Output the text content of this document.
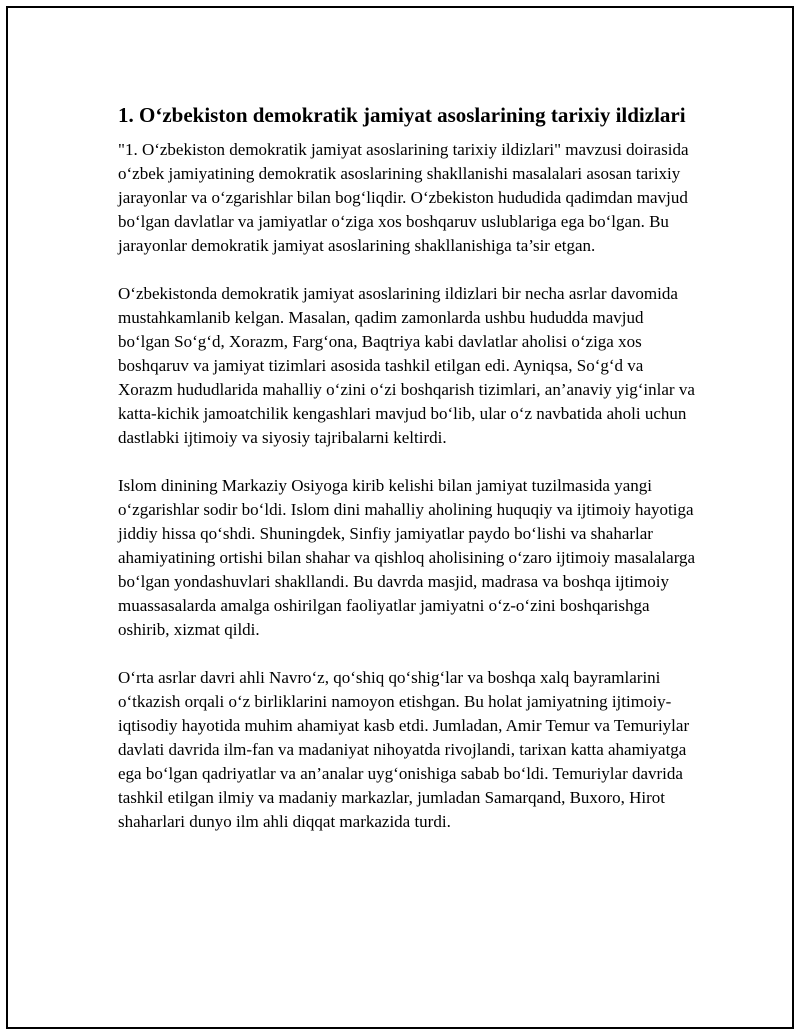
1. O‘zbekiston demokratik jamiyat asoslarining tarixiy ildizlari

"1. O‘zbekiston demokratik jamiyat asoslarining tarixiy ildizlari" mavzusi doirasida o‘zbek jamiyatining demokratik asoslarining shakllanishi masalalari asosan tarixiy jarayonlar va o‘zgarishlar bilan bog‘liqdir. O‘zbekiston hududida qadimdan mavjud bo‘lgan davlatlar va jamiyatlar o‘ziga xos boshqaruv uslublariga ega bo‘lgan. Bu jarayonlar demokratik jamiyat asoslarining shakllanishiga ta’sir etgan.

O‘zbekistonda demokratik jamiyat asoslarining ildizlari bir necha asrlar davomida mustahkamlanib kelgan. Masalan, qadim zamonlarda ushbu hududda mavjud bo‘lgan So‘g‘d, Xorazm, Farg‘ona, Baqtriya kabi davlatlar aholisi o‘ziga xos boshqaruv va jamiyat tizimlari asosida tashkil etilgan edi. Ayniqsa, So‘g‘d va Xorazm hududlarida mahalliy o‘zini o‘zi boshqarish tizimlari, an’anaviy yig‘inlar va katta-kichik jamoatchilik kengashlari mavjud bo‘lib, ular o‘z navbatida aholi uchun dastlabki ijtimoiy va siyosiy tajribalarni keltirdi.

Islom dinining Markaziy Osiyoga kirib kelishi bilan jamiyat tuzilmasida yangi o‘zgarishlar sodir bo‘ldi. Islom dini mahalliy aholining huquqiy va ijtimoiy hayotiga jiddiy hissa qo‘shdi. Shuningdek, Sinfiy jamiyatlar paydo bo‘lishi va shaharlar ahamiyatining ortishi bilan shahar va qishloq aholisining o‘zaro ijtimoiy masalalarga bo‘lgan yondashuvlari shakllandi. Bu davrda masjid, madrasa va boshqa ijtimoiy muassasalarda amalga oshirilgan faoliyatlar jamiyatni o‘z-o‘zini boshqarishga oshirib, xizmat qildi.

O‘rta asrlar davri ahli Navro‘z, qo‘shiq qo‘shig‘lar va boshqa xalq bayramlarini o‘tkazish orqali o‘z birliklarini namoyon etishgan. Bu holat jamiyatning ijtimoiy-iqtisodiy hayotida muhim ahamiyat kasb etdi. Jumladan, Amir Temur va Temuriylar davlati davrida ilm-fan va madaniyat nihoyatda rivojlandi, tarixan katta ahamiyatga ega bo‘lgan qadriyatlar va an’analar uyg‘onishiga sabab bo‘ldi. Temuriylar davrida tashkil etilgan ilmiy va madaniy markazlar, jumladan Samarqand, Buxoro, Hirot shaharlari dunyo ilm ahli diqqat markazida turdi.
